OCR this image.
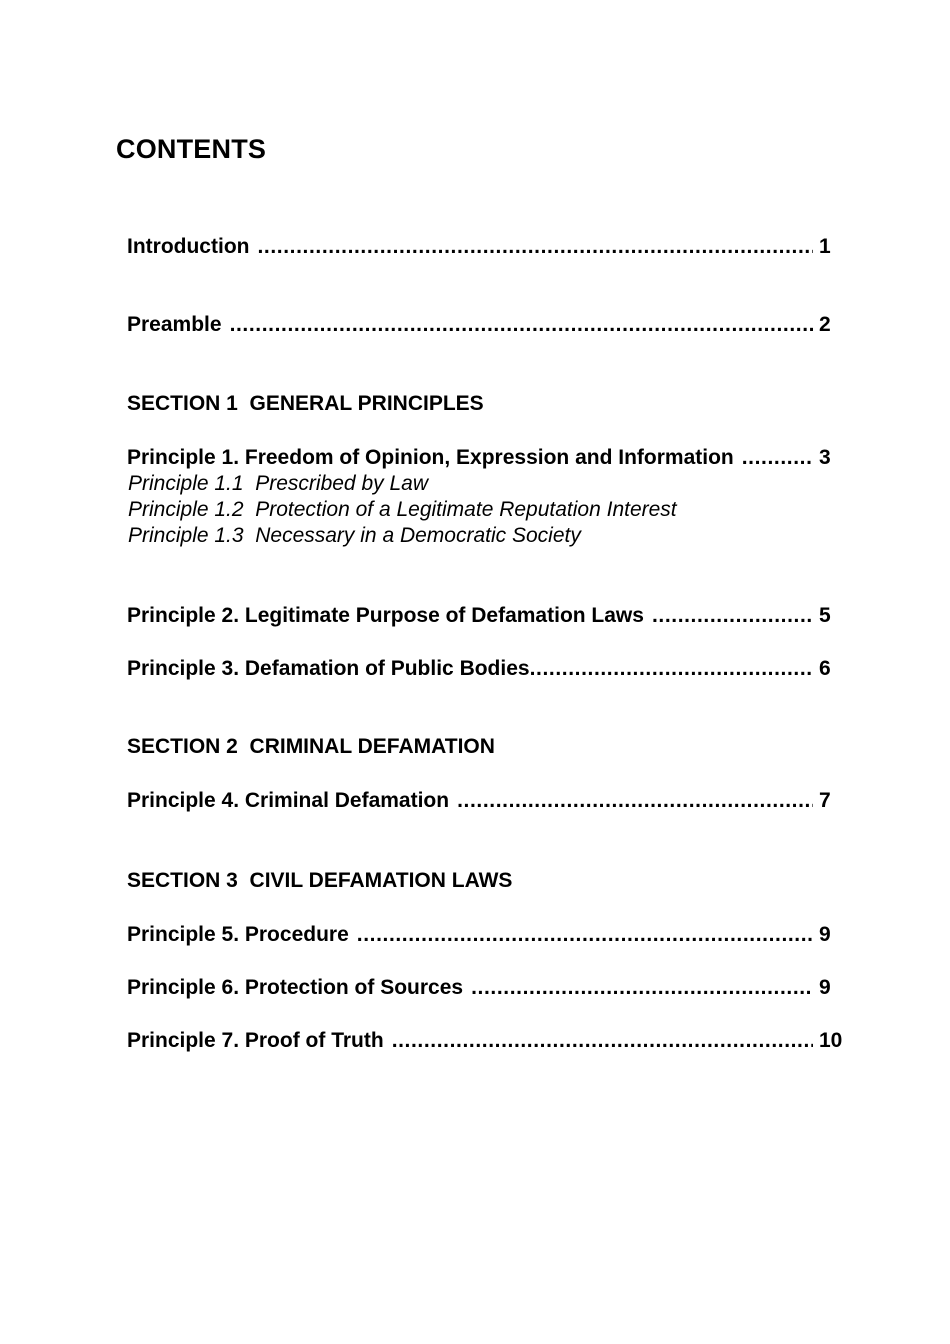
CONTENTS
Introduction .....	1
Preamble .....	2
SECTION 1  GENERAL PRINCIPLES
Principle 1. Freedom of Opinion, Expression and Information .....	3
Principle 1.1  Prescribed by Law
Principle 1.2  Protection of a Legitimate Reputation Interest
Principle 1.3  Necessary in a Democratic Society
Principle 2. Legitimate Purpose of Defamation Laws .....	5
Principle 3. Defamation of Public Bodies .....	6
SECTION 2  CRIMINAL DEFAMATION
Principle 4. Criminal Defamation .....	7
SECTION 3  CIVIL DEFAMATION LAWS
Principle 5. Procedure .....	9
Principle 6. Protection of Sources .....	9
Principle 7. Proof of Truth .....	10
